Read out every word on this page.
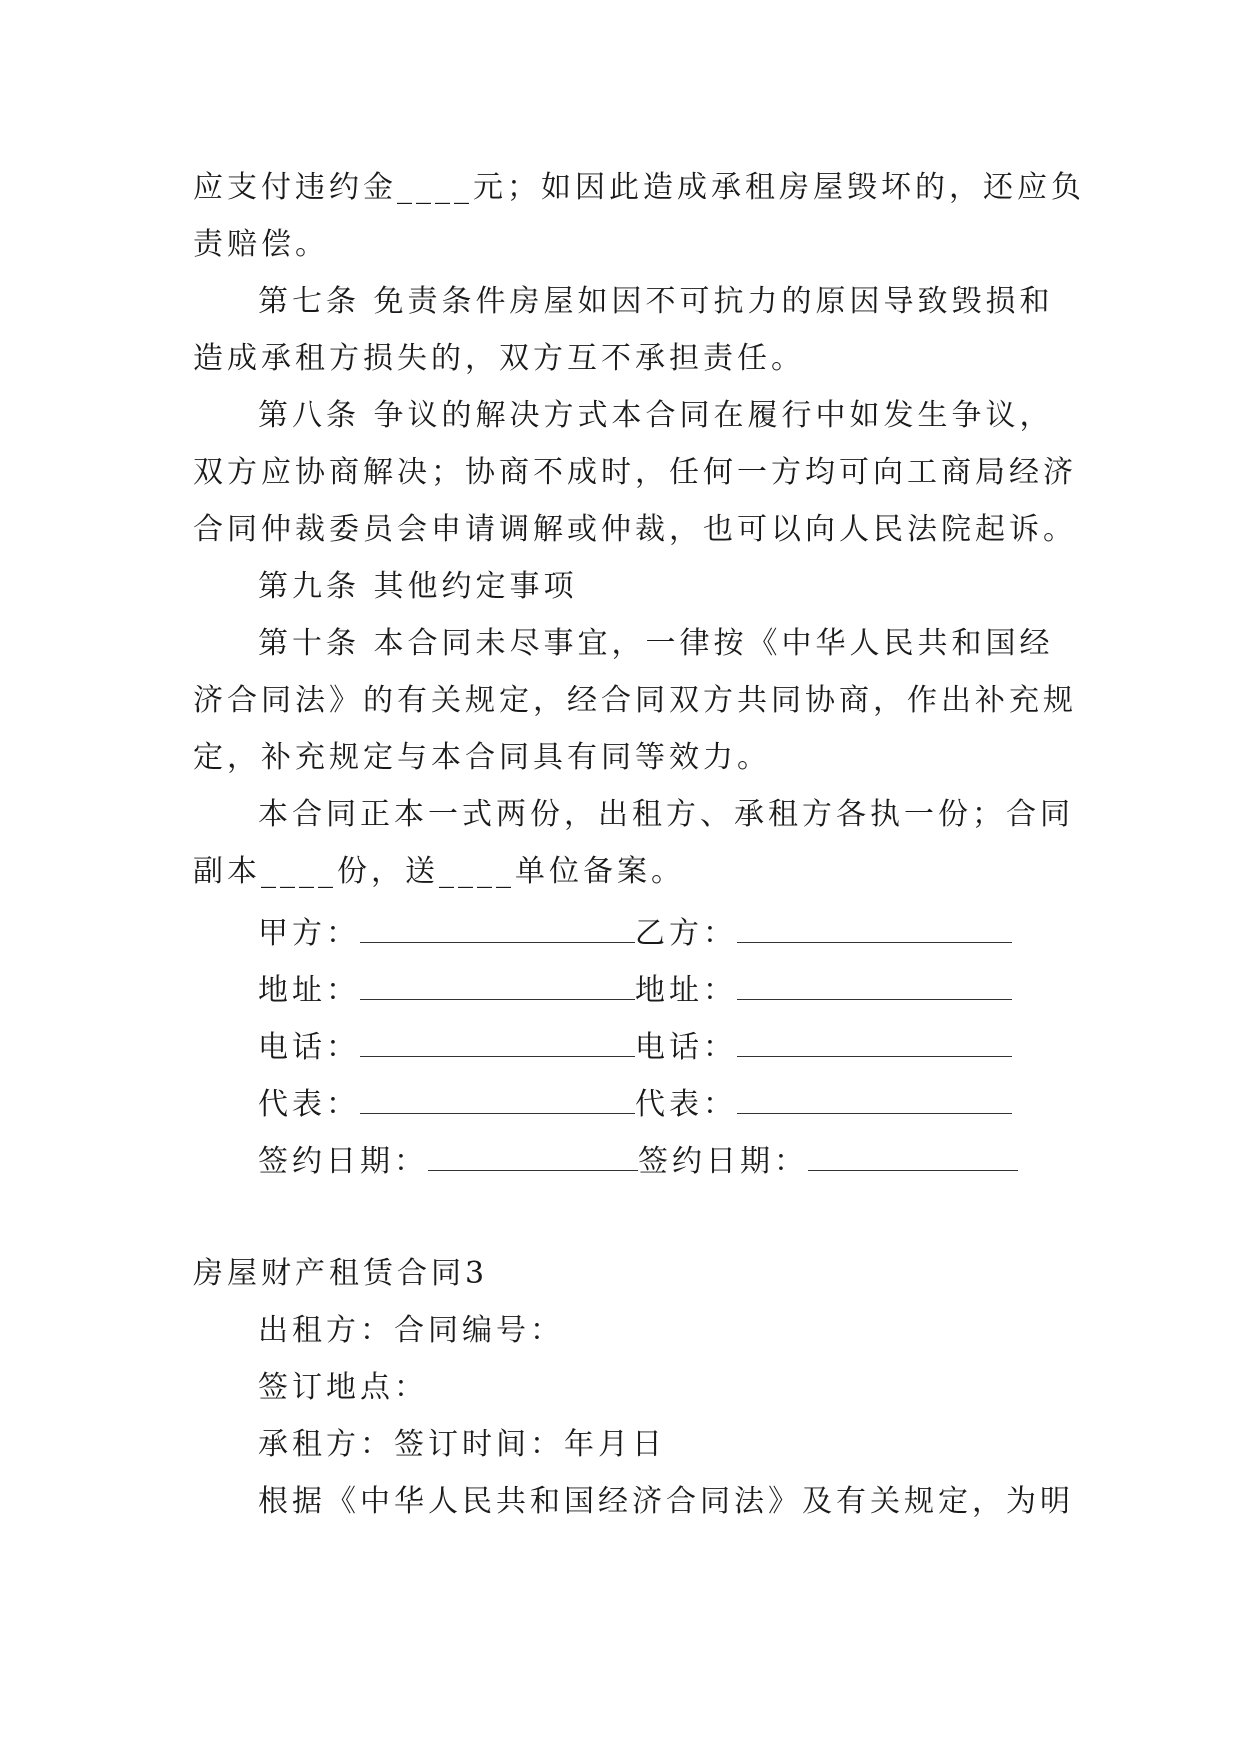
应支付违约金____元；如因此造成承租房屋毁坏的，还应负
责赔偿。
第七条 免责条件房屋如因不可抗力的原因导致毁损和
造成承租方损失的，双方互不承担责任。
第八条 争议的解决方式本合同在履行中如发生争议，
双方应协商解决；协商不成时，任何一方均可向工商局经济
合同仲裁委员会申请调解或仲裁，也可以向人民法院起诉。
第九条 其他约定事项
第十条 本合同未尽事宜，一律按《中华人民共和国经
济合同法》的有关规定，经合同双方共同协商，作出补充规
定，补充规定与本合同具有同等效力。
本合同正本一式两份，出租方、承租方各执一份；合同
副本____份，送____单位备案。
甲方：	乙方：
地址：	地址：
电话：	电话：
代表：	代表：
签约日期：	签约日期：
房屋财产租赁合同3
出租方：合同编号：
签订地点：
承租方：签订时间：年月日
根据《中华人民共和国经济合同法》及有关规定，为明
